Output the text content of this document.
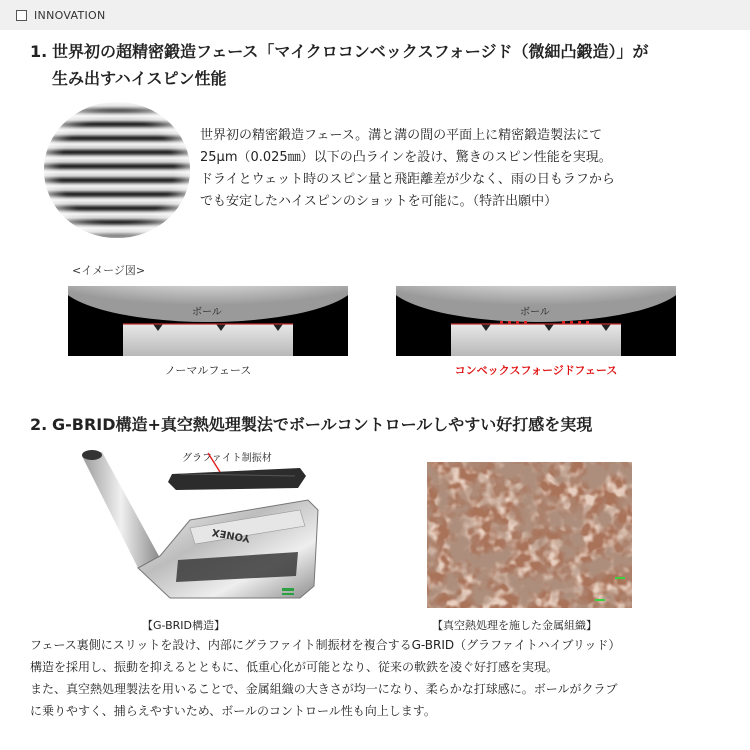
INNOVATION
1. 世界初の超精密鍛造フェース「マイクロコンベックスフォージド（微細凸鍛造）」が
生み出すハイスピン性能
世界初の精密鍛造フェース。溝と溝の間の平面上に精密鍛造製法にて
25μm（0.025㎜）以下の凸ラインを設け、驚きのスピン性能を実現。
ドライとウェット時のスピン量と飛距離差が少なく、雨の日もラフから
でも安定したハイスピンのショットを可能に。（特許出願中）
<イメージ図>
ボール
ノーマルフェース
ボール
コンベックスフォージドフェース
2. G-BRID構造+真空熱処理製法でボールコントロールしやすい好打感を実現
グラファイト制振材
YONEX
【G-BRID構造】	【真空熱処理を施した金属組織】
フェース裏側にスリットを設け、内部にグラファイト制振材を複合するG-BRID（グラファイトハイブリッド）
構造を採用し、振動を抑えるとともに、低重心化が可能となり、従来の軟鉄を凌ぐ好打感を実現。
また、真空熱処理製法を用いることで、金属組織の大きさが均一になり、柔らかな打球感に。ボールがクラブ
に乗りやすく、捕らえやすいため、ボールのコントロール性も向上します。
